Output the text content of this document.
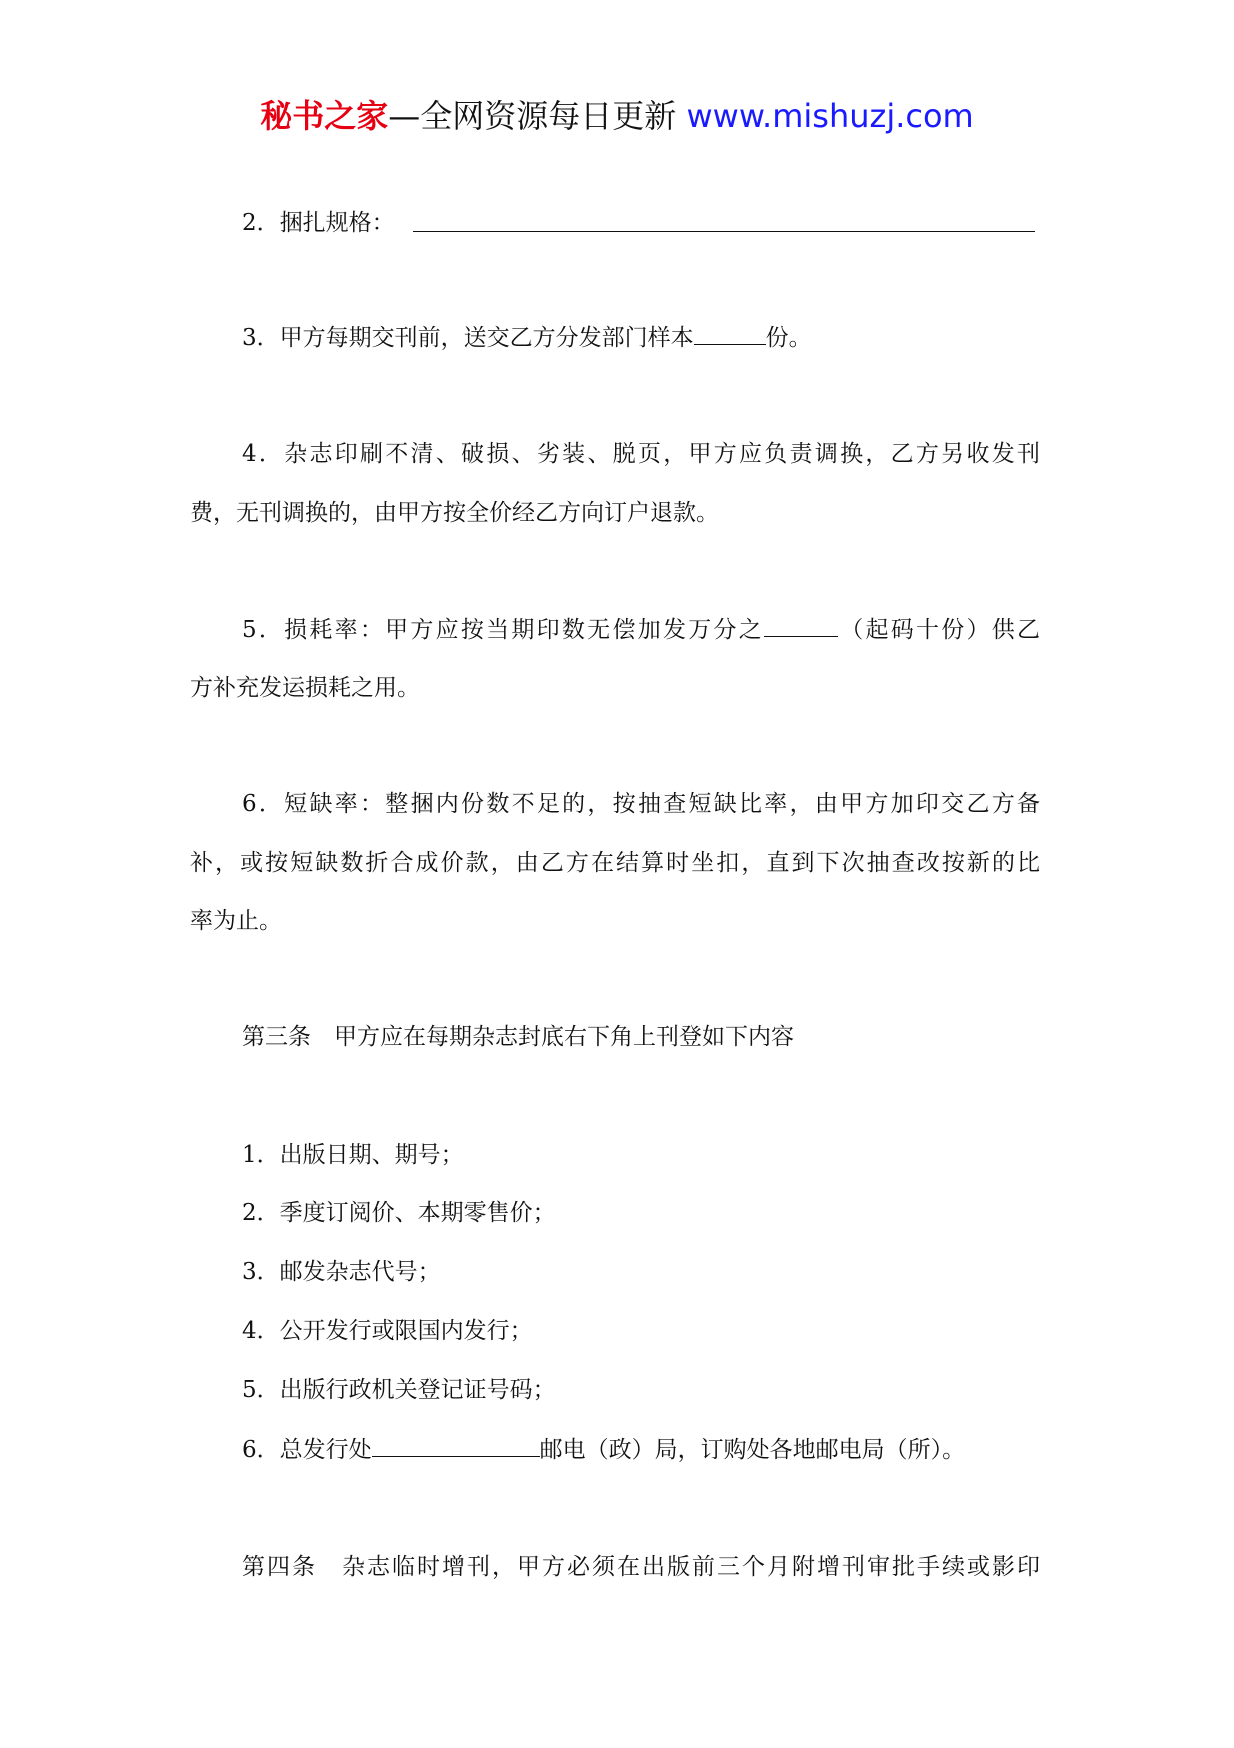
秘书之家—全网资源每日更新 www.mishuzj.com
2．捆扎规格：
3．甲方每期交刊前，送交乙方分发部门样本	份。
4．杂志印刷不清、破损、劣装、脱页，甲方应负责调换，乙方另收发刊
费，无刊调换的，由甲方按全价经乙方向订户退款。
5．损耗率：甲方应按当期印数无偿加发万分之	（起码十份）供乙
方补充发运损耗之用。
6．短缺率：整捆内份数不足的，按抽查短缺比率，由甲方加印交乙方备
补，或按短缺数折合成价款，由乙方在结算时坐扣，直到下次抽查改按新的比
率为止。
第三条　甲方应在每期杂志封底右下角上刊登如下内容
1．出版日期、期号；
2．季度订阅价、本期零售价；
3．邮发杂志代号；
4．公开发行或限国内发行；
5．出版行政机关登记证号码；
6．总发行处	邮电（政）局，订购处各地邮电局（所）。
第四条　杂志临时增刊，甲方必须在出版前三个月附增刊审批手续或影印
